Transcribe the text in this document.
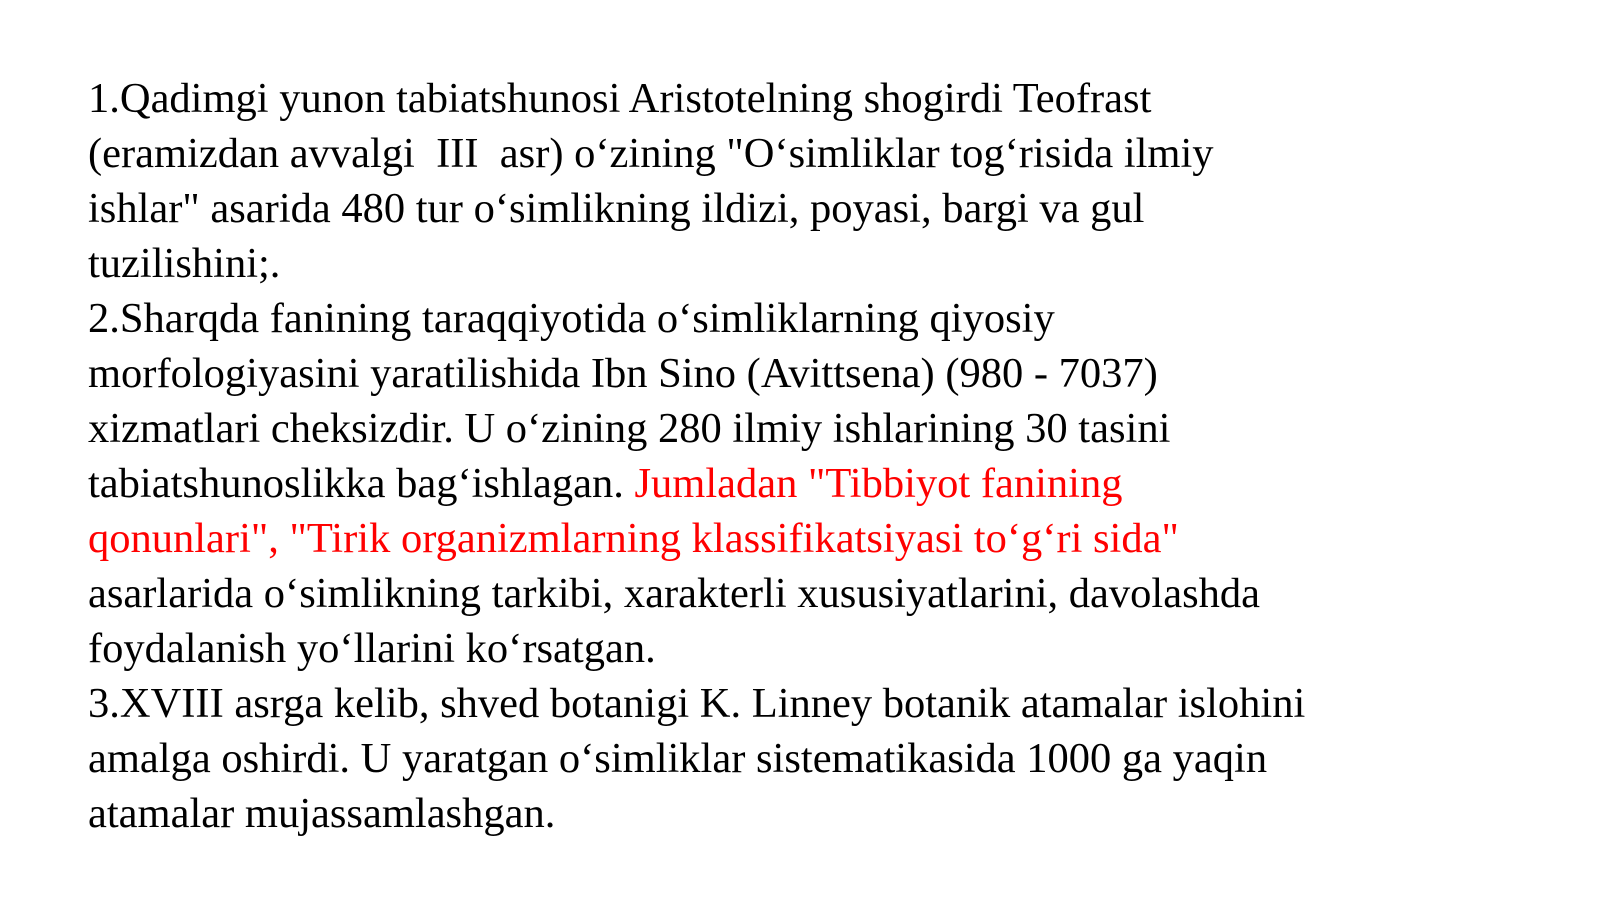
1.Qadimgi yunon tabiatshunosi Aristotelning shogirdi Teofrast
(eramizdan avvalgi  III  asr) o‘zining "O‘simliklar tog‘risida ilmiy
ishlar" asarida 480 tur o‘simlikning ildizi, poyasi, bargi va gul
tuzilishini;.
2.Sharqda fanining taraqqiyotida o‘simliklarning qiyosiy
morfologiyasini yaratilishida Ibn Sino (Avittsena) (980 - 7037)
xizmatlari cheksizdir. U o‘zining 280 ilmiy ishlarining 30 tasini
tabiatshunoslikka bag‘ishlagan. Jumladan "Tibbiyot fanining
qonunlari", "Tirik organizmlarning klassifikatsiyasi to‘g‘ri sida"
asarlarida o‘simlikning tarkibi, xarakterli xususiyatlarini, davolashda
foydalanish yo‘llarini ko‘rsatgan.
3.XVIII asrga kelib, shved botanigi K. Linney botanik atamalar islohini
amalga oshirdi. U yaratgan o‘simliklar sistematikasida 1000 ga yaqin
atamalar mujassamlashgan.
